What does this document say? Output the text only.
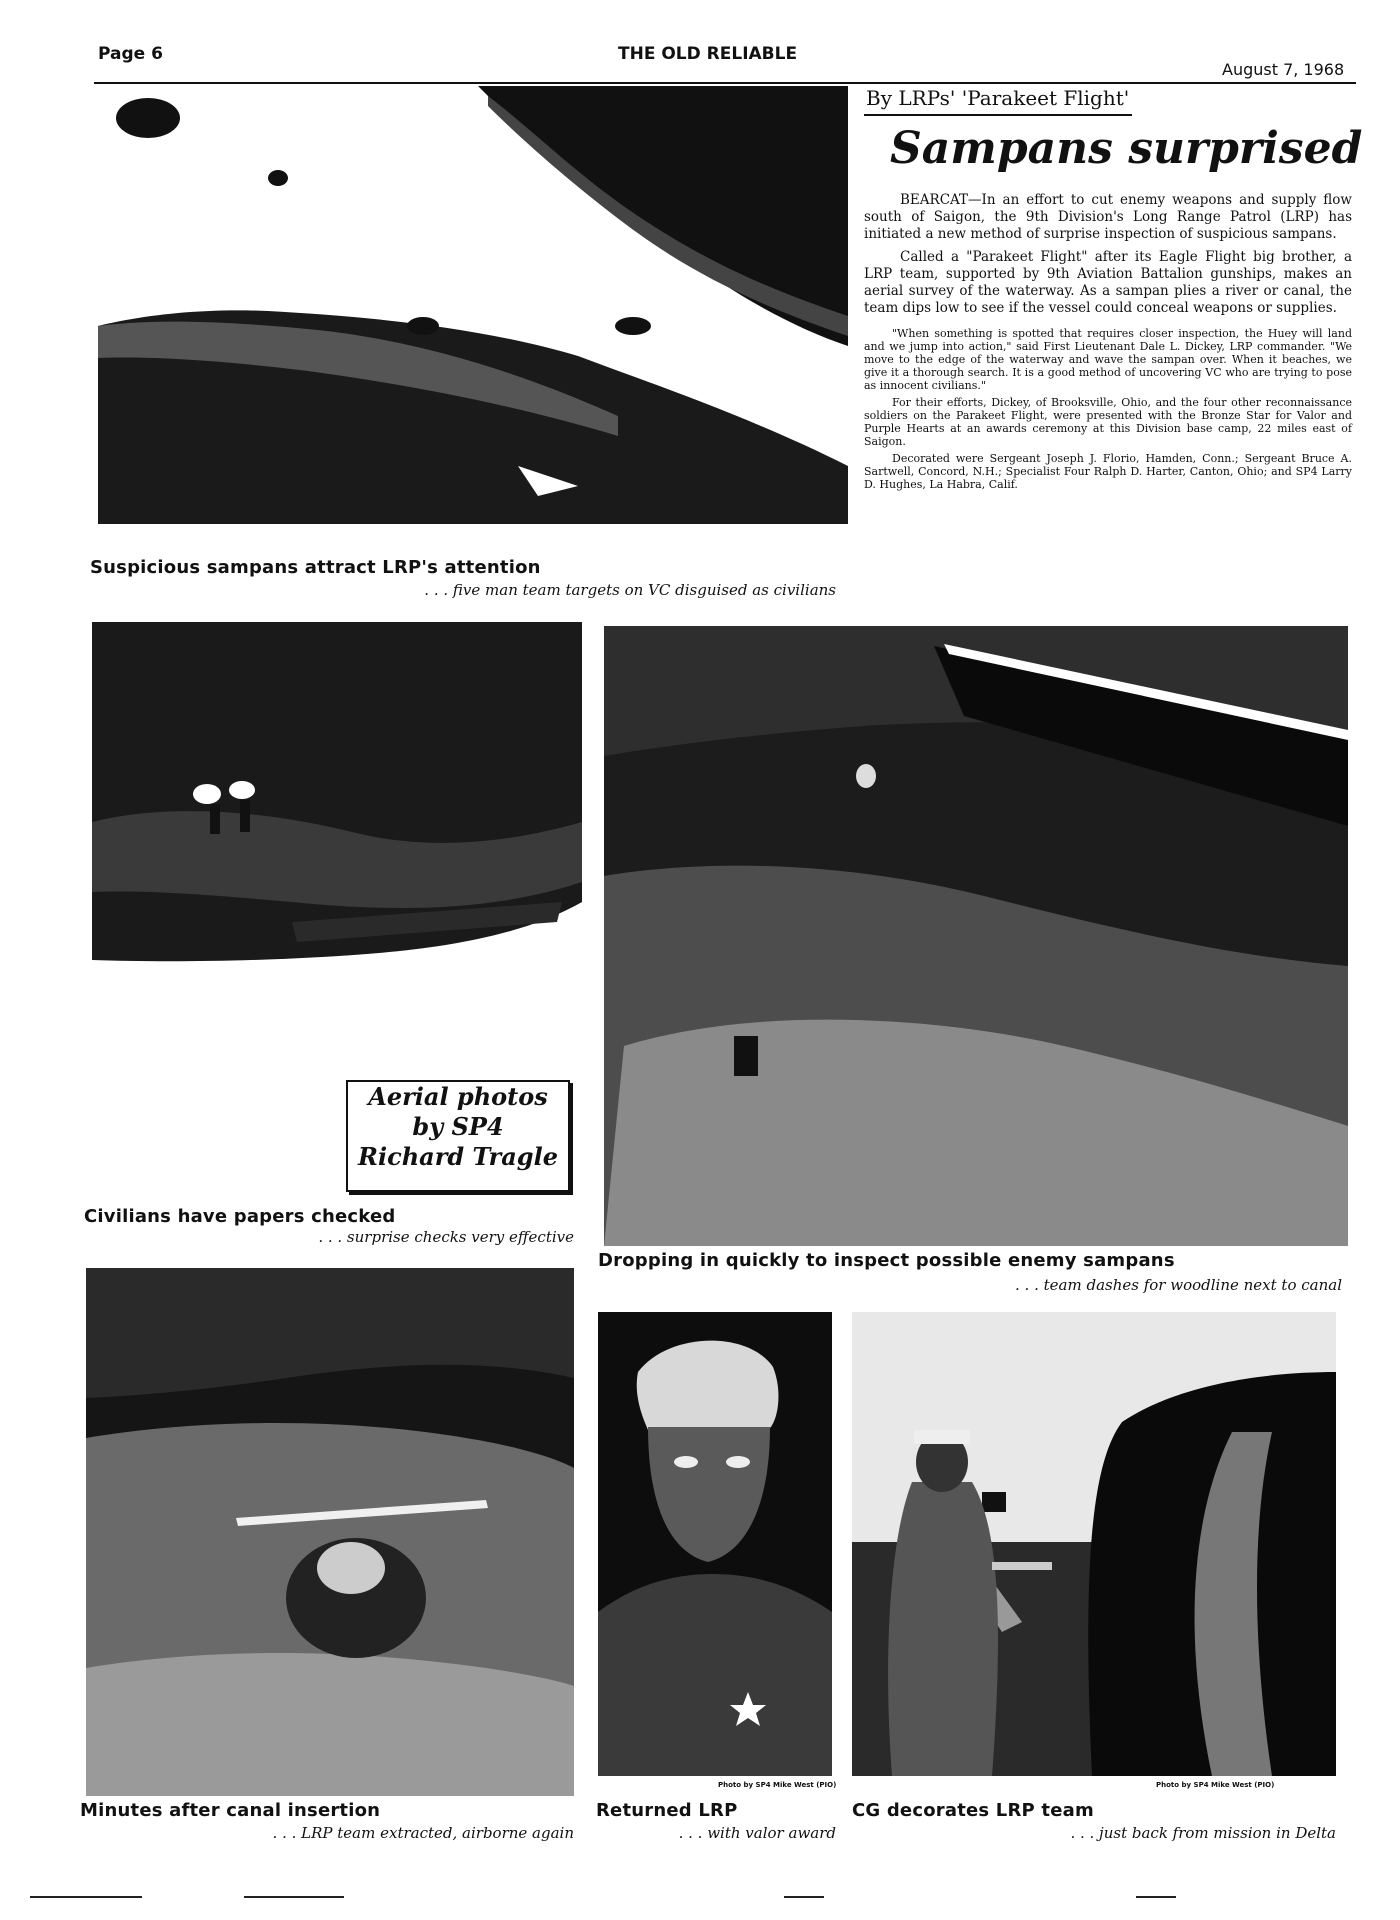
Page 6	THE OLD RELIABLE
August 7, 1968
Suspicious sampans attract LRP's attention
. . . five man team targets on VC disguised as civilians
By LRPs' 'Parakeet Flight'
Sampans surprised

BEARCAT—In an effort to cut enemy weapons and supply flow south of Saigon, the 9th Division's Long Range Patrol (LRP) has initiated a new method of surprise inspection of suspicious sampans.

Called a "Parakeet Flight" after its Eagle Flight big brother, a LRP team, supported by 9th Aviation Battalion gunships, makes an aerial survey of the waterway. As a sampan plies a river or canal, the team dips low to see if the vessel could conceal weapons or supplies.

"When something is spotted that requires closer inspection, the Huey will land and we jump into action," said First Lieutenant Dale L. Dickey, LRP commander. "We move to the edge of the waterway and wave the sampan over. When it beaches, we give it a thorough search. It is a good method of uncovering VC who are trying to pose as innocent civilians."

For their efforts, Dickey, of Brooksville, Ohio, and the four other reconnaissance soldiers on the Parakeet Flight, were presented with the Bronze Star for Valor and Purple Hearts at an awards ceremony at this Division base camp, 22 miles east of Saigon.

Decorated were Sergeant Joseph J. Florio, Hamden, Conn.; Sergeant Bruce A. Sartwell, Concord, N.H.; Specialist Four Ralph D. Harter, Canton, Ohio; and SP4 Larry D. Hughes, La Habra, Calif.

Aerial photos
by SP4
Richard Tragle
Civilians have papers checked
. . . surprise checks very effective
Dropping in quickly to inspect possible enemy sampans
. . . team dashes for woodline next to canal
Minutes after canal insertion
. . . LRP team extracted, airborne again
Photo by SP4 Mike West (PIO)
Returned LRP
. . . with valor award
Photo by SP4 Mike West (PIO)
CG decorates LRP team
. . . just back from mission in Delta
